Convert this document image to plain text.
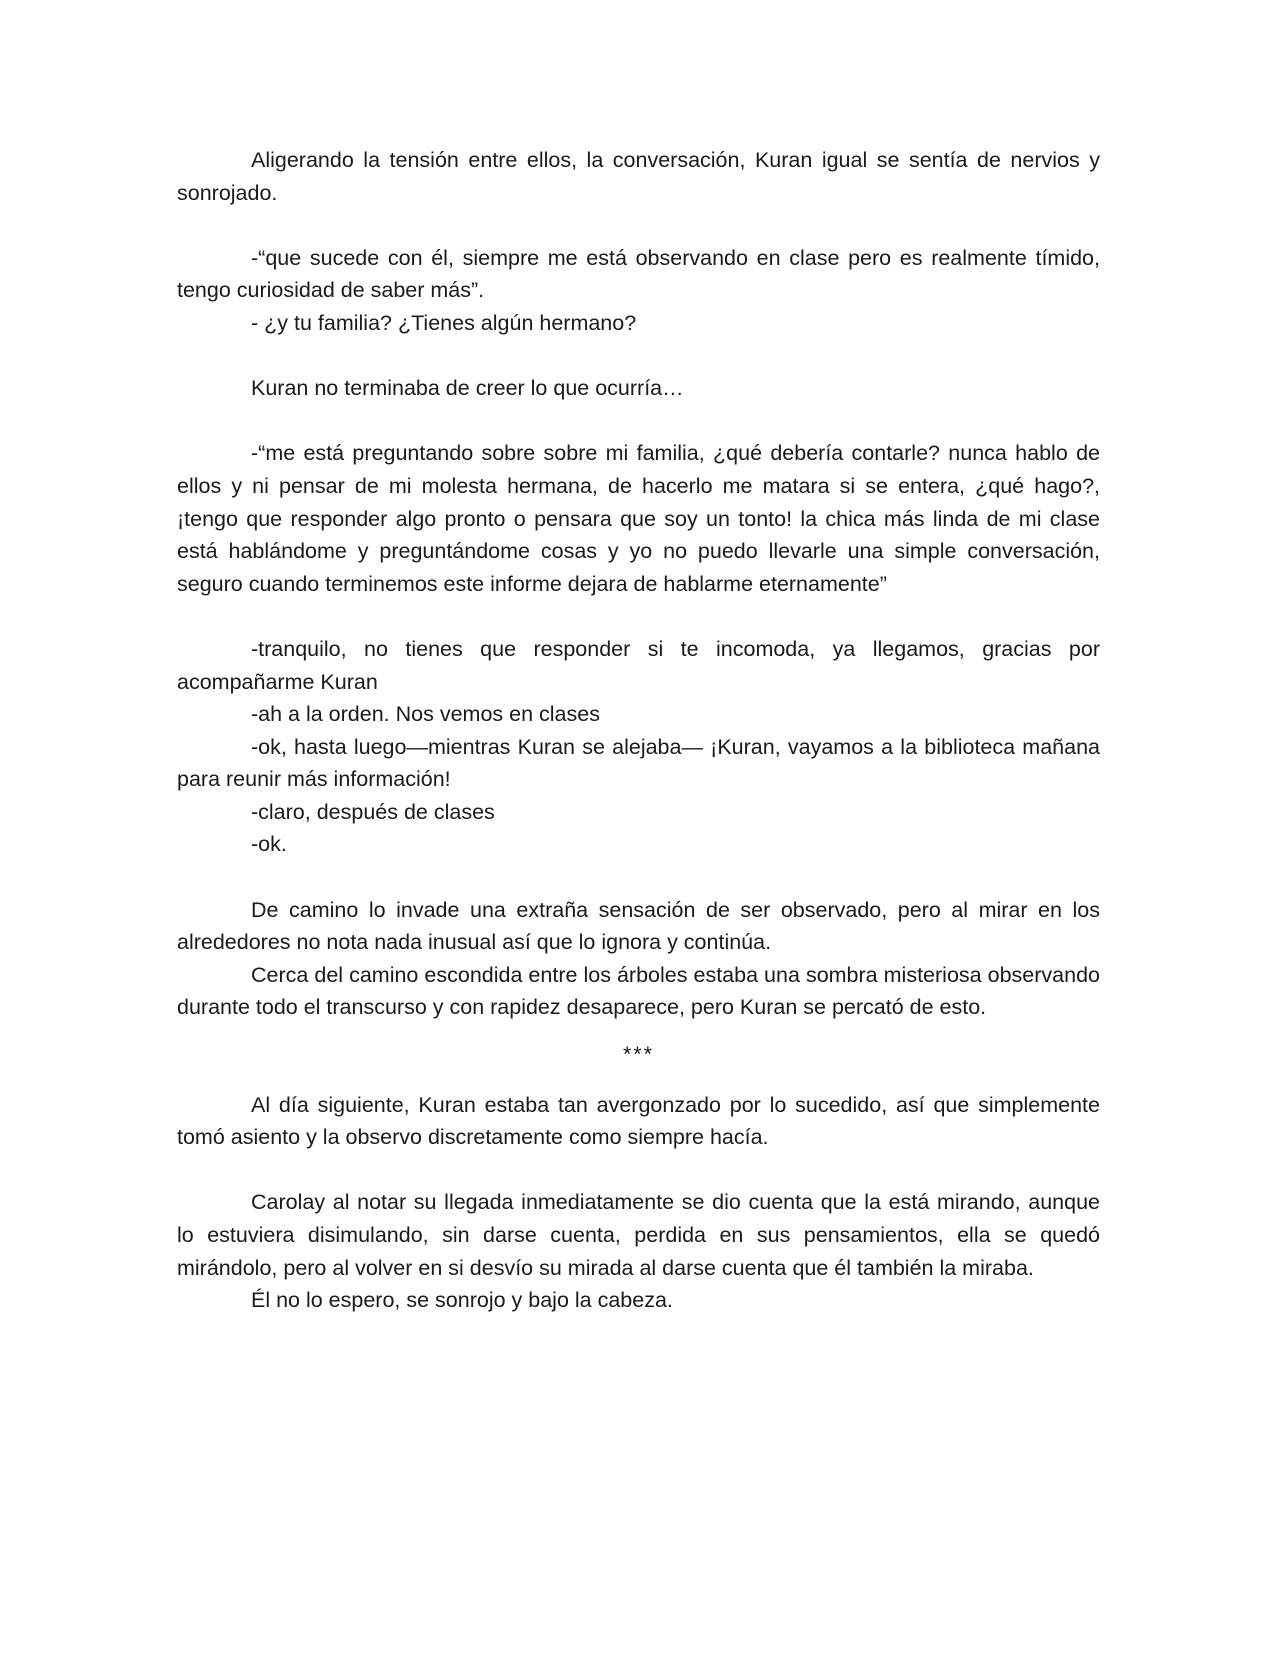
Aligerando la tensión entre ellos, la conversación, Kuran igual se sentía de nervios y sonrojado.

-“que sucede con él, siempre me está observando en clase pero es realmente tímido, tengo curiosidad de saber más”.

- ¿y tu familia? ¿Tienes algún hermano?

Kuran no terminaba de creer lo que ocurría…

-“me está preguntando sobre sobre mi familia, ¿qué debería contarle? nunca hablo de ellos y ni pensar de mi molesta hermana, de hacerlo me matara si se entera, ¿qué hago?, ¡tengo que responder algo pronto o pensara que soy un tonto! la chica más linda de mi clase está hablándome y preguntándome cosas y yo no puedo llevarle una simple conversación, seguro cuando terminemos este informe dejara de hablarme eternamente”

-tranquilo, no tienes que responder si te incomoda, ya llegamos, gracias por acompañarme Kuran

-ah a la orden. Nos vemos en clases

-ok, hasta luego—mientras Kuran se alejaba— ¡Kuran, vayamos a la biblioteca mañana para reunir más información!

-claro, después de clases

-ok.

De camino lo invade una extraña sensación de ser observado, pero al mirar en los alrededores no nota nada inusual así que lo ignora y continúa.

Cerca del camino escondida entre los árboles estaba una sombra misteriosa observando durante todo el transcurso y con rapidez desaparece, pero Kuran se percató de esto.

***

Al día siguiente, Kuran estaba tan avergonzado por lo sucedido, así que simplemente tomó asiento y la observo discretamente como siempre hacía.

Carolay al notar su llegada inmediatamente se dio cuenta que la está mirando, aunque lo estuviera disimulando, sin darse cuenta, perdida en sus pensamientos, ella se quedó mirándolo, pero al volver en si desvío su mirada al darse cuenta que él también la miraba.

Él no lo espero, se sonrojo y bajo la cabeza.
